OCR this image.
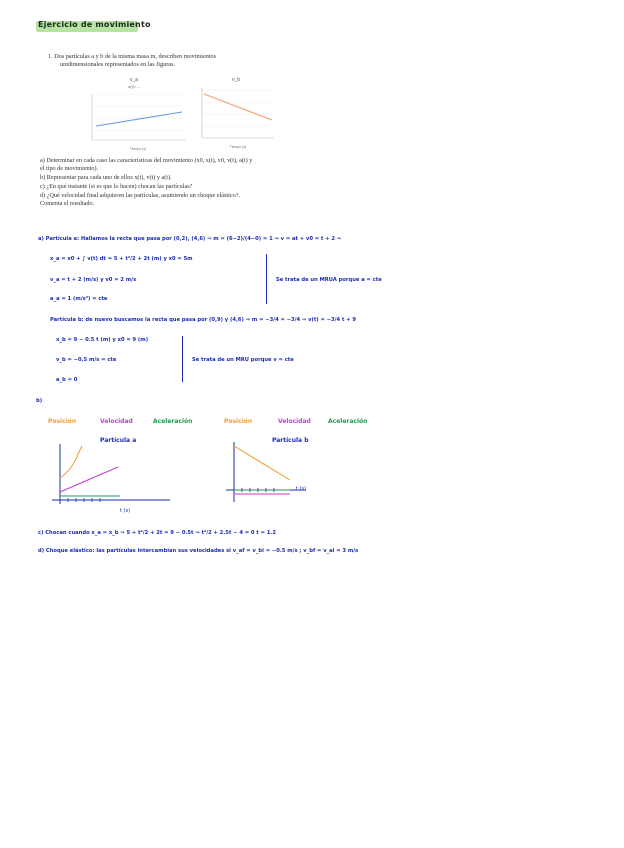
Ejercicio de movimiento
1. Dos partículas a y b de la misma masa m, describen movimientos
unidimensionales representados en las figuras.
v_a
a(t)=...
Tiempo (s)
v_b
Tiempo (s)
a) Determinar en cada caso las características del movimiento (x0, x(t), v0, v(t), a(t) y
el tipo de movimiento).
b) Representar para cada uno de ellos x(t), v(t) y a(t).
c) ¿En qué instante (si es que lo hacen) chocan las partículas?
d) ¿Qué velocidad final adquieren las partículas, asumiendo un choque elástico?.
Comenta el resultado.
a) Partícula a: Hallamos la recta que pasa por (0,2), (4,6) ⇒ m = (6−2)/(4−0) = 1 ⇒ v = at + v0 = t + 2 ⇒
x_a = x0 + ∫ v(t) dt = 5 + t²/2 + 2t (m) y x0 = 5m
v_a = t + 2 (m/s) y v0 = 2 m/s
a_a = 1 (m/s²) = cte
Se trata de un MRUA porque a = cte
Partícula b: de nuevo buscamos la recta que pasa por (0,9) y (4,6) ⇒ m = −3/4 = −3/4 ⇒ v(t) = −3/4 t + 9
x_b = 9 − 0.5 t (m) y x0 = 9 (m)
v_b = −0.5 m/s = cte
a_b = 0
Se trata de un MRU porque v = cte
b)
Posición	Velocidad	Aceleración	Posición	Velocidad	Aceleración
Partícula a	Partícula b
t (s)
t (s)
c) Chocan cuando x_a = x_b ⇒ 5 + t²/2 + 2t = 9 − 0.5t ⇒ t²/2 + 2.5t − 4 = 0 t = 1.2
d) Choque elástico: las partículas intercambian sus velocidades si v_af = v_bi = −0.5 m/s ; v_bf = v_ai = 3 m/s
